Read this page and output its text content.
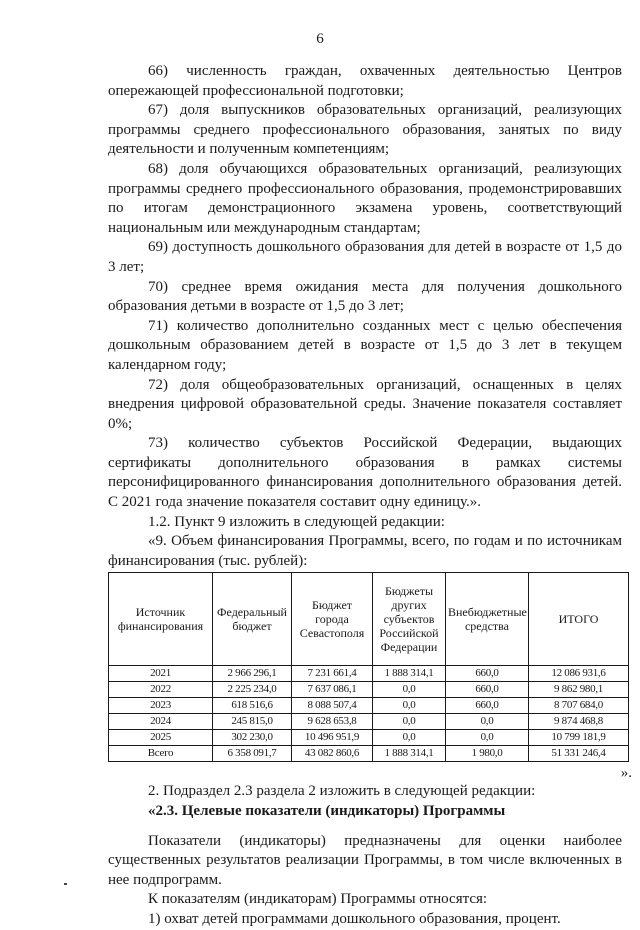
6

66) численность граждан, охваченных деятельностью Центров опережающей профессиональной подготовки;

67) доля выпускников образовательных организаций, реализующих программы среднего профессионального образования, занятых по виду деятельности и полученным компетенциям;

68) доля обучающихся образовательных организаций, реализующих программы среднего профессионального образования, продемонстрировавших по итогам демонстрационного экзамена уровень, соответствующий национальным или международным стандартам;

69) доступность дошкольного образования для детей в возрасте от 1,5 до 3 лет;

70) среднее время ожидания места для получения дошкольного образования детьми в возрасте от 1,5 до 3 лет;

71) количество дополнительно созданных мест с целью обеспечения дошкольным образованием детей в возрасте от 1,5 до 3 лет в текущем календарном году;

72) доля общеобразовательных организаций, оснащенных в целях внедрения цифровой образовательной среды. Значение показателя составляет 0%;

73) количество субъектов Российской Федерации, выдающих сертификаты дополнительного образования в рамках системы персонифицированного финансирования дополнительного образования детей. С 2021 года значение показателя составит одну единицу.».

1.2. Пункт 9 изложить в следующей редакции:

«9. Объем финансирования Программы, всего, по годам и по источникам финансирования (тыс. рублей):

Источник финансирования	Федеральный бюджет	Бюджет города Севастополя	Бюджеты других субъектов Российской Федерации	Внебюджетные средства	ИТОГО
2021	2 966 296,1	7 231 661,4	1 888 314,1	660,0	12 086 931,6
2022	2 225 234,0	7 637 086,1	0,0	660,0	9 862 980,1
2023	618 516,6	8 088 507,4	0,0	660,0	8 707 684,0
2024	245 815,0	9 628 653,8	0,0	0,0	9 874 468,8
2025	302 230,0	10 496 951,9	0,0	0,0	10 799 181,9
Всего	6 358 091,7	43 082 860,6	1 888 314,1	1 980,0	51 331 246,4
».

2. Подраздел 2.3 раздела 2 изложить в следующей редакции:

«2.3. Целевые показатели (индикаторы) Программы

Показатели (индикаторы) предназначены для оценки наиболее существенных результатов реализации Программы, в том числе включенных в нее подпрограмм.

К показателям (индикаторам) Программы относятся:

1) охват детей программами дошкольного образования, процент.
